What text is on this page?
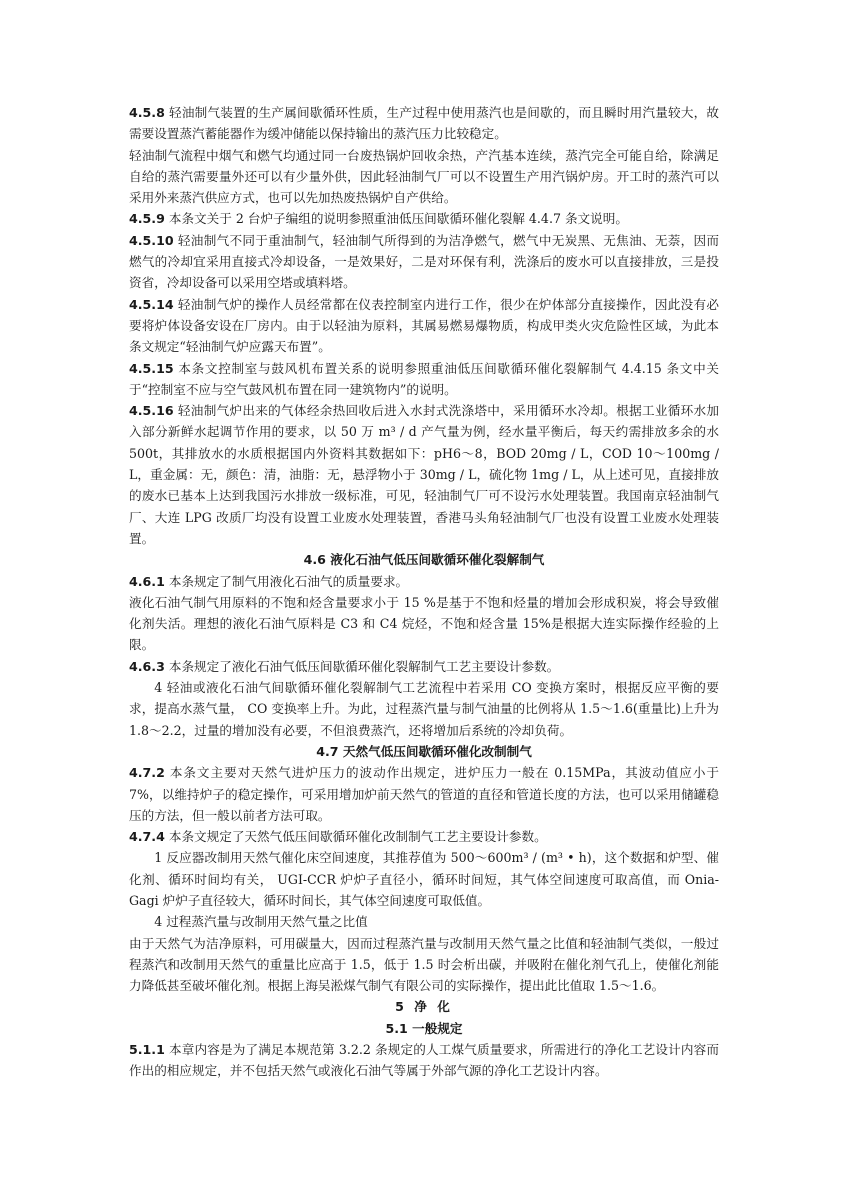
4.5.8 轻油制气装置的生产属间歇循环性质，生产过程中使用蒸汽也是间歇的，而且瞬时用汽量较大，故需要设置蒸汽蓄能器作为缓冲储能以保持输出的蒸汽压力比较稳定。

轻油制气流程中烟气和燃气均通过同一台废热锅炉回收余热，产汽基本连续，蒸汽完全可能自给，除满足自给的蒸汽需要量外还可以有少量外供，因此轻油制气厂可以不设置生产用汽锅炉房。开工时的蒸汽可以采用外来蒸汽供应方式，也可以先加热废热锅炉自产供给。

4.5.9 本条文关于 2 台炉子编组的说明参照重油低压间歇循环催化裂解 4.4.7 条文说明。

4.5.10 轻油制气不同于重油制气，轻油制气所得到的为洁净燃气，燃气中无炭黑、无焦油、无萘，因而燃气的冷却宜采用直接式冷却设备，一是效果好，二是对环保有利，洗涤后的废水可以直接排放，三是投资省，冷却设备可以采用空塔或填料塔。

4.5.14 轻油制气炉的操作人员经常都在仪表控制室内进行工作，很少在炉体部分直接操作，因此没有必要将炉体设备安设在厂房内。由于以轻油为原料，其属易燃易爆物质，构成甲类火灾危险性区域，为此本条文规定“轻油制气炉应露天布置”。

4.5.15 本条文控制室与鼓风机布置关系的说明参照重油低压间歇循环催化裂解制气 4.4.15 条文中关于“控制室不应与空气鼓风机布置在同一建筑物内”的说明。

4.5.16 轻油制气炉出来的气体经余热回收后进入水封式洗涤塔中，采用循环水冷却。根据工业循环水加入部分新鲜水起调节作用的要求，以 50 万 m³ / d 产气量为例，经水量平衡后，每天约需排放多余的水 500t，其排放水的水质根据国内外资料其数据如下：pH6～8，BOD 20mg / L，COD 10～100mg / L，重金属：无，颜色：清，油脂：无，悬浮物小于 30mg / L，硫化物 1mg / L，从上述可见，直接排放的废水已基本上达到我国污水排放一级标准，可见，轻油制气厂可不设污水处理装置。我国南京轻油制气厂、大连 LPG 改质厂均没有设置工业废水处理装置，香港马头角轻油制气厂也没有设置工业废水处理装置。

4.6 液化石油气低压间歇循环催化裂解制气

4.6.1 本条规定了制气用液化石油气的质量要求。

液化石油气制气用原料的不饱和烃含量要求小于 15 %是基于不饱和烃量的增加会形成积炭，将会导致催化剂失活。理想的液化石油气原料是 C3 和 C4 烷烃，不饱和烃含量 15%是根据大连实际操作经验的上限。

4.6.3 本条规定了液化石油气低压间歇循环催化裂解制气工艺主要设计参数。

4 轻油或液化石油气间歇循环催化裂解制气工艺流程中若采用 CO 变换方案时，根据反应平衡的要求，提高水蒸气量， CO 变换率上升。为此，过程蒸汽量与制气油量的比例将从 1.5～1.6(重量比)上升为 1.8～2.2，过量的增加没有必要，不但浪费蒸汽，还将增加后系统的冷却负荷。

4.7 天然气低压间歇循环催化改制制气

4.7.2 本条文主要对天然气进炉压力的波动作出规定，进炉压力一般在 0.15MPa，其波动值应小于 7%，以维持炉子的稳定操作，可采用增加炉前天然气的管道的直径和管道长度的方法，也可以采用储罐稳压的方法，但一般以前者方法可取。

4.7.4 本条文规定了天然气低压间歇循环催化改制制气工艺主要设计参数。

1 反应器改制用天然气催化床空间速度，其推荐值为 500～600m³ / (m³ • h)，这个数据和炉型、催化剂、循环时间均有关， UGI-CCR 炉炉子直径小，循环时间短，其气体空间速度可取高值，而 Onia-Gagi 炉炉子直径较大，循环时间长，其气体空间速度可取低值。

4 过程蒸汽量与改制用天然气量之比值

由于天然气为洁净原料，可用碳量大，因而过程蒸汽量与改制用天然气量之比值和轻油制气类似，一般过程蒸汽和改制用天然气的重量比应高于 1.5，低于 1.5 时会析出碳，并吸附在催化剂气孔上，使催化剂能力降低甚至破坏催化剂。根据上海吴淞煤气制气有限公司的实际操作，提出此比值取 1.5～1.6。

5 净 化

5.1 一般规定

5.1.1 本章内容是为了满足本规范第 3.2.2 条规定的人工煤气质量要求，所需进行的净化工艺设计内容而作出的相应规定，并不包括天然气或液化石油气等属于外部气源的净化工艺设计内容。
